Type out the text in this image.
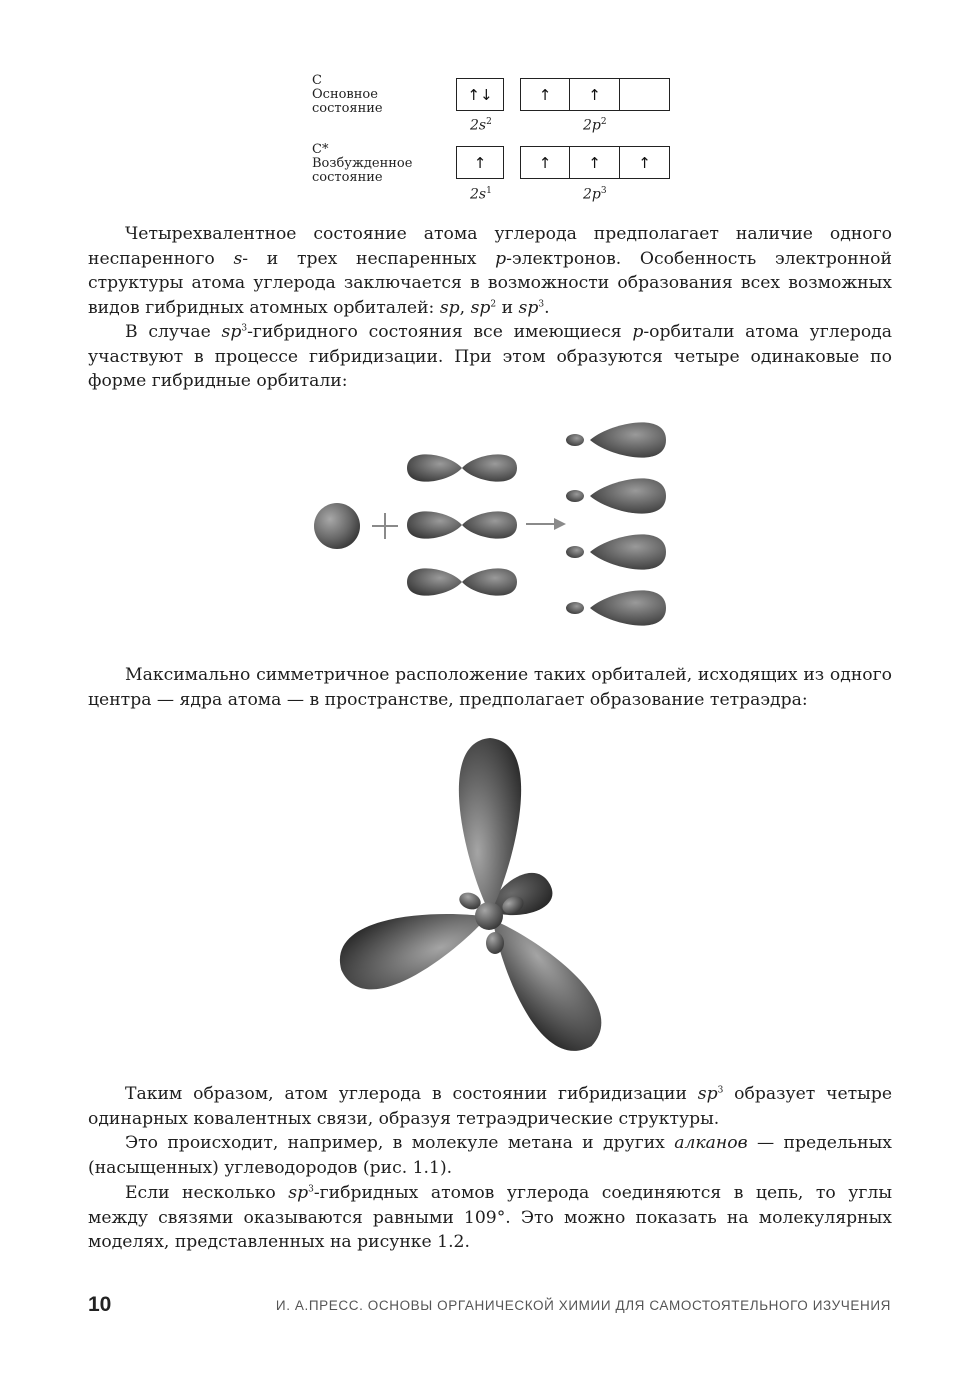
C
Основное
состояние
↑↓	↑	↑
$2s^2$	$2p^2$
C*
Возбужденное
состояние
↑	↑	↑	↑
$2s^1$	$2p^3$

Четырехвалентное состояние атома углерода предполагает наличие одного неспаренного s- и трех неспаренных p-электронов. Особенность электронной структуры атома углерода заключается в возможности образования всех возможных видов гибридных атомных орбиталей: sp, $sp^2$ и $sp^3$.

В случае $sp^3$-гибридного состояния все имеющиеся p-орбитали атома углерода участвуют в процессе гибридизации. При этом образуются четыре одинаковые по форме гибридные орбитали:

Максимально симметричное расположение таких орбиталей, исходящих из одного центра — ядра атома — в пространстве, предполагает образование тетраэдра:

Таким образом, атом углерода в состоянии гибридизации $sp^3$ образует четыре одинарных ковалентных связи, образуя тетраэдрические структуры.

Это происходит, например, в молекуле метана и других алканов — предельных (насыщенных) углеводородов (рис. 1.1).

Если несколько $sp^3$-гибридных атомов углерода соединяются в цепь, то углы между связями оказываются равными 109°. Это можно показать на молекулярных моделях, представленных на рисунке 1.2.

10	И. А.ПРЕСС. ОСНОВЫ ОРГАНИЧЕСКОЙ ХИМИИ ДЛЯ САМОСТОЯТЕЛЬНОГО ИЗУЧЕНИЯ
